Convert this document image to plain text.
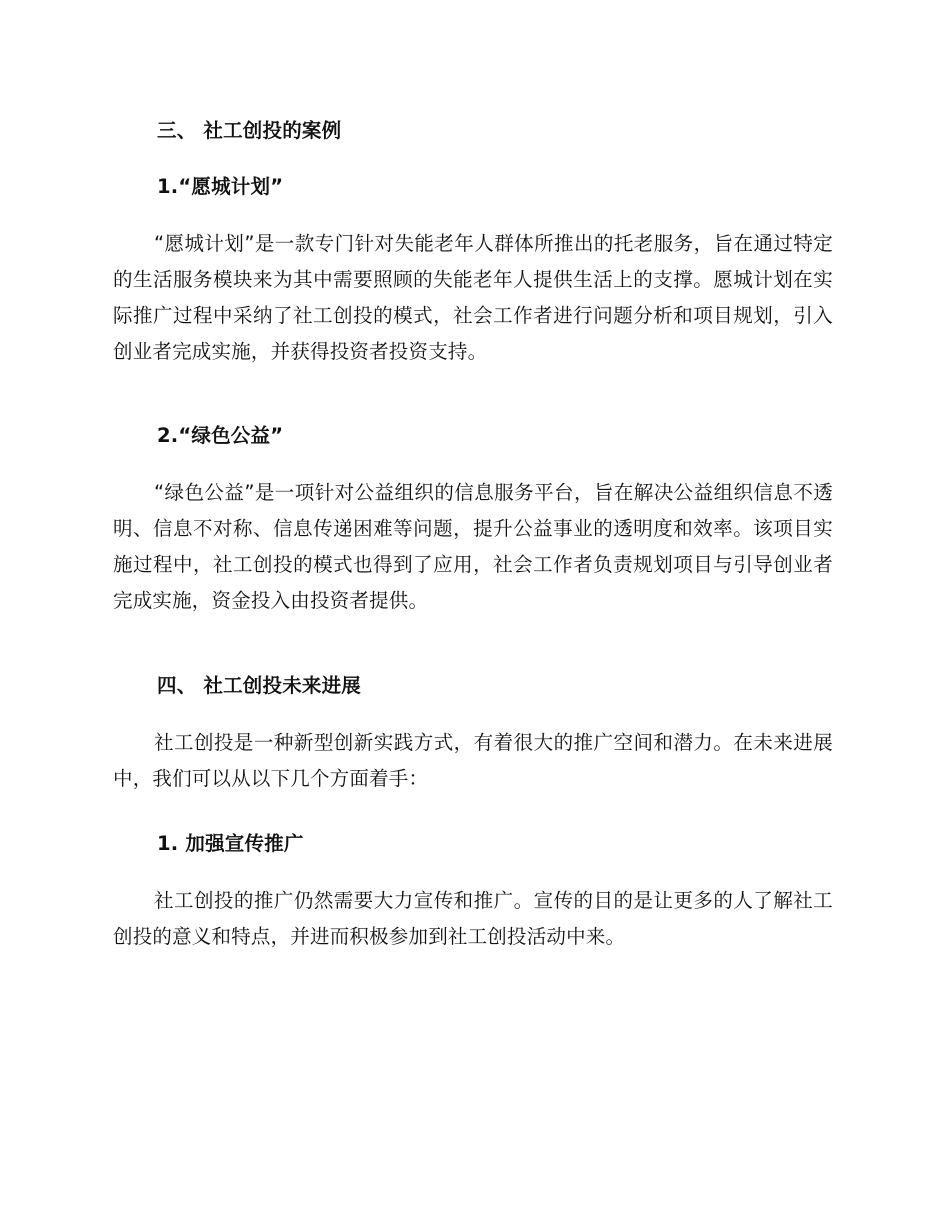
三、 社工创投的案例
1.“愿城计划”
“愿城计划”是一款专门针对失能老年人群体所推出的托老服务，旨在通过特定的生活服务模块来为其中需要照顾的失能老年人提供生活上的支撑。愿城计划在实际推广过程中采纳了社工创投的模式，社会工作者进行问题分析和项目规划，引入创业者完成实施，并获得投资者投资支持。
2.“绿色公益”
“绿色公益”是一项针对公益组织的信息服务平台，旨在解决公益组织信息不透明、信息不对称、信息传递困难等问题，提升公益事业的透明度和效率。该项目实施过程中，社工创投的模式也得到了应用，社会工作者负责规划项目与引导创业者完成实施，资金投入由投资者提供。
四、 社工创投未来进展
社工创投是一种新型创新实践方式，有着很大的推广空间和潜力。在未来进展中，我们可以从以下几个方面着手：
1. 加强宣传推广
社工创投的推广仍然需要大力宣传和推广。宣传的目的是让更多的人了解社工创投的意义和特点，并进而积极参加到社工创投活动中来。
